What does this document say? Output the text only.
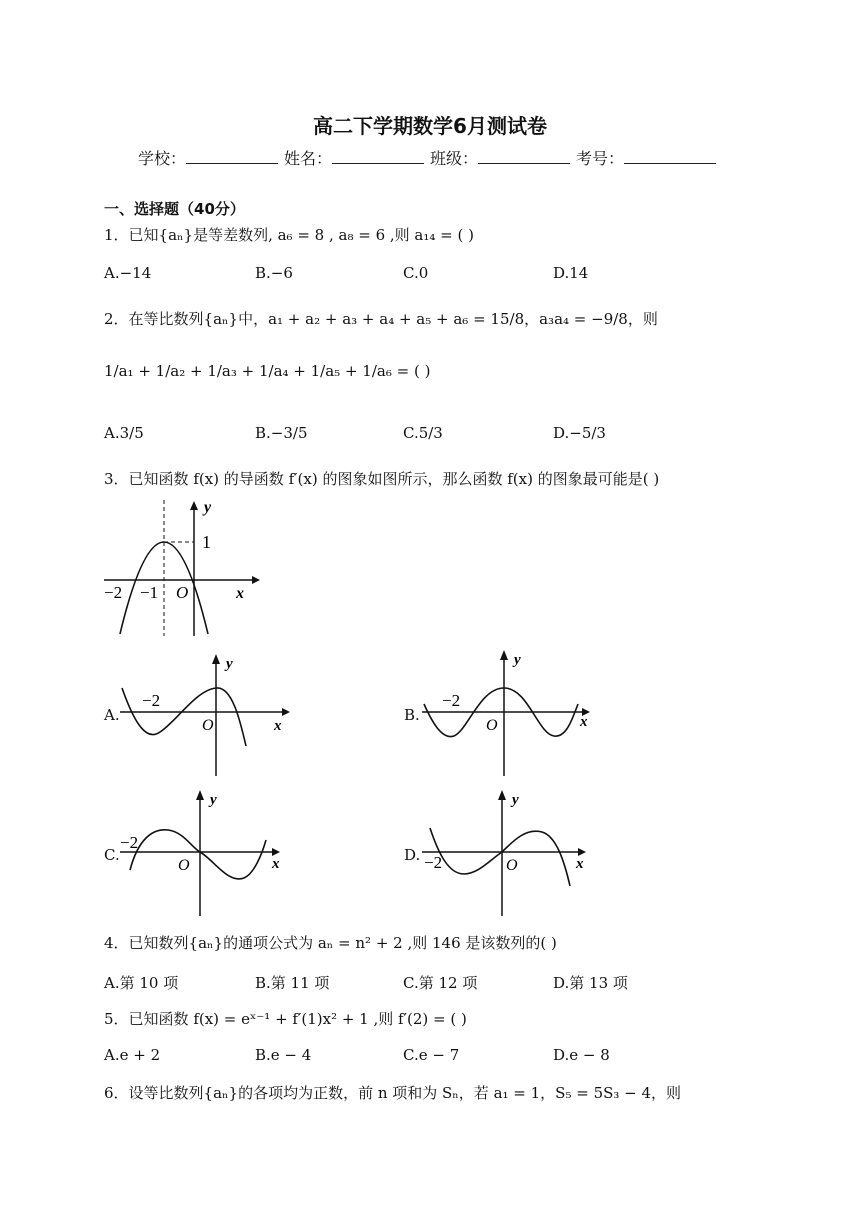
高二下学期数学6月测试卷
学校：	姓名：	班级：	考号：
一、选择题（40分）
1．已知{aₙ}是等差数列, a₆ = 8 , a₈ = 6 ,则 a₁₄ = ( )
A.−14	B.−6	C.0	D.14
2．在等比数列{aₙ}中，a₁ + a₂ + a₃ + a₄ + a₅ + a₆ = 15/8，a₃a₄ = −9/8，则
1/a₁ + 1/a₂ + 1/a₃ + 1/a₄ + 1/a₅ + 1/a₆ = ( )
A.3/5	B.−3/5	C.5/3	D.−5/3
3．已知函数 f(x) 的导函数 f′(x) 的图象如图所示，那么函数 f(x) 的图象最可能是( )
y
1
−2 −1 O	x
A.
y
−2
O	x
B.
y
−2
O	x
C.
y
−2
O	x	D.
y
−2	O	x
4．已知数列{aₙ}的通项公式为 aₙ = n² + 2 ,则 146 是该数列的( )
A.第 10 项	B.第 11 项	C.第 12 项	D.第 13 项
5．已知函数 f(x) = eˣ⁻¹ + f′(1)x² + 1 ,则 f′(2) = ( )
A.e + 2	B.e − 4	C.e − 7	D.e − 8
6．设等比数列{aₙ}的各项均为正数，前 n 项和为 Sₙ，若 a₁ = 1，S₅ = 5S₃ − 4，则
